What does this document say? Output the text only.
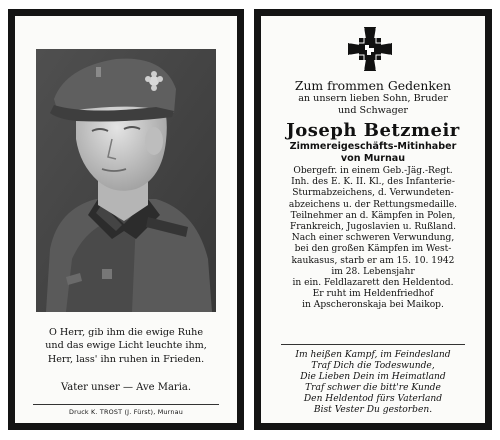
O Herr, gib ihm die ewige Ruhe
und das ewige Licht leuchte ihm,
Herr, lass' ihn ruhen in Frieden.
Vater unser — Ave Maria.
Druck K. TROST (J. Fürst), Murnau
Zum frommen Gedenken
an unsern lieben Sohn, Bruder
und Schwager
Joseph Betzmeir
Zimmereigeschäfts-Mitinhaber
von Murnau

Obergefr. in einem Geb.-Jäg.-Regt.

Inh. des E. K. II. Kl., des Infanterie-

Sturmabzeichens, d. Verwundeten-

abzeichens u. der Rettungsmedaille.

Teilnehmer an d. Kämpfen in Polen,

Frankreich, Jugoslavien u. Rußland.

Nach einer schweren Verwundung,

bei den großen Kämpfen im West-

kaukasus, starb er am 15. 10. 1942

im 28. Lebensjahr

in ein. Feldlazarett den Heldentod.

Er ruht im Heldenfriedhof

in Apscheronskaja bei Maikop.

Im heißen Kampf, im Feindesland
Traf Dich die Todeswunde,
Die Lieben Dein im Heimatland
Traf schwer die bitt're Kunde
Den Heldentod fürs Vaterland
Bist Vester Du gestorben.
